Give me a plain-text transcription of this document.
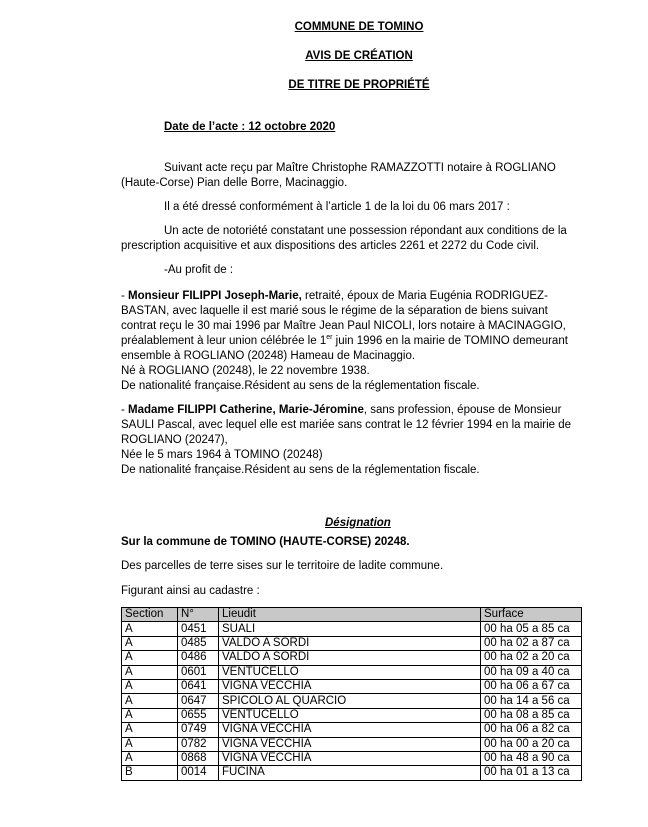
COMMUNE DE TOMINO
AVIS DE CRÉATION
DE TITRE DE PROPRIÉTÉ
Date de l’acte : 12 octobre 2020
Suivant acte reçu par Maître Christophe RAMAZZOTTI notaire à ROGLIANO
(Haute-Corse) Pian delle Borre, Macinaggio.
Il a été dressé conformément à l’article 1 de la loi du 06 mars 2017 :
Un acte de notoriété constatant une possession répondant aux conditions de la
prescription acquisitive et aux dispositions des articles 2261 et 2272 du Code civil.
-Au profit de :
- Monsieur FILIPPI Joseph-Marie, retraité, époux de Maria Eugénia RODRIGUEZ-
BASTAN, avec laquelle il est marié sous le régime de la séparation de biens suivant
contrat reçu le 30 mai 1996 par Maître Jean Paul NICOLI, lors notaire à MACINAGGIO,
préalablement à leur union célébrée le 1er juin 1996 en la mairie de TOMINO demeurant
ensemble à ROGLIANO (20248) Hameau de Macinaggio.
Né à ROGLIANO (20248), le 22 novembre 1938.
De nationalité française.Résident au sens de la réglementation fiscale.
- Madame FILIPPI Catherine, Marie-Jéromine, sans profession, épouse de Monsieur
SAULI Pascal, avec lequel elle est mariée sans contrat le 12 février 1994 en la mairie de
ROGLIANO (20247),
Née le 5 mars 1964 à TOMINO (20248)
De nationalité française.Résident au sens de la réglementation fiscale.
Désignation
Sur la commune de TOMINO (HAUTE-CORSE) 20248.
Des parcelles de terre sises sur le territoire de ladite commune.
Figurant ainsi au cadastre :
Section	N°	Lieudit	Surface
A	0451	SUALI	00 ha 05 a 85 ca
A	0485	VALDO A SORDI	00 ha 02 a 87 ca
A	0486	VALDO A SORDI	00 ha 02 a 20 ca
A	0601	VENTUCELLO	00 ha 09 a 40 ca
A	0641	VIGNA VECCHIA	00 ha 06 a 67 ca
A	0647	SPICOLO AL QUARCIO	00 ha 14 a 56 ca
A	0655	VENTUCELLO	00 ha 08 a 85 ca
A	0749	VIGNA VECCHIA	00 ha 06 a 82 ca
A	0782	VIGNA VECCHIA	00 ha 00 a 20 ca
A	0868	VIGNA VECCHIA	00 ha 48 a 90 ca
B	0014	FUCINA	00 ha 01 a 13 ca
